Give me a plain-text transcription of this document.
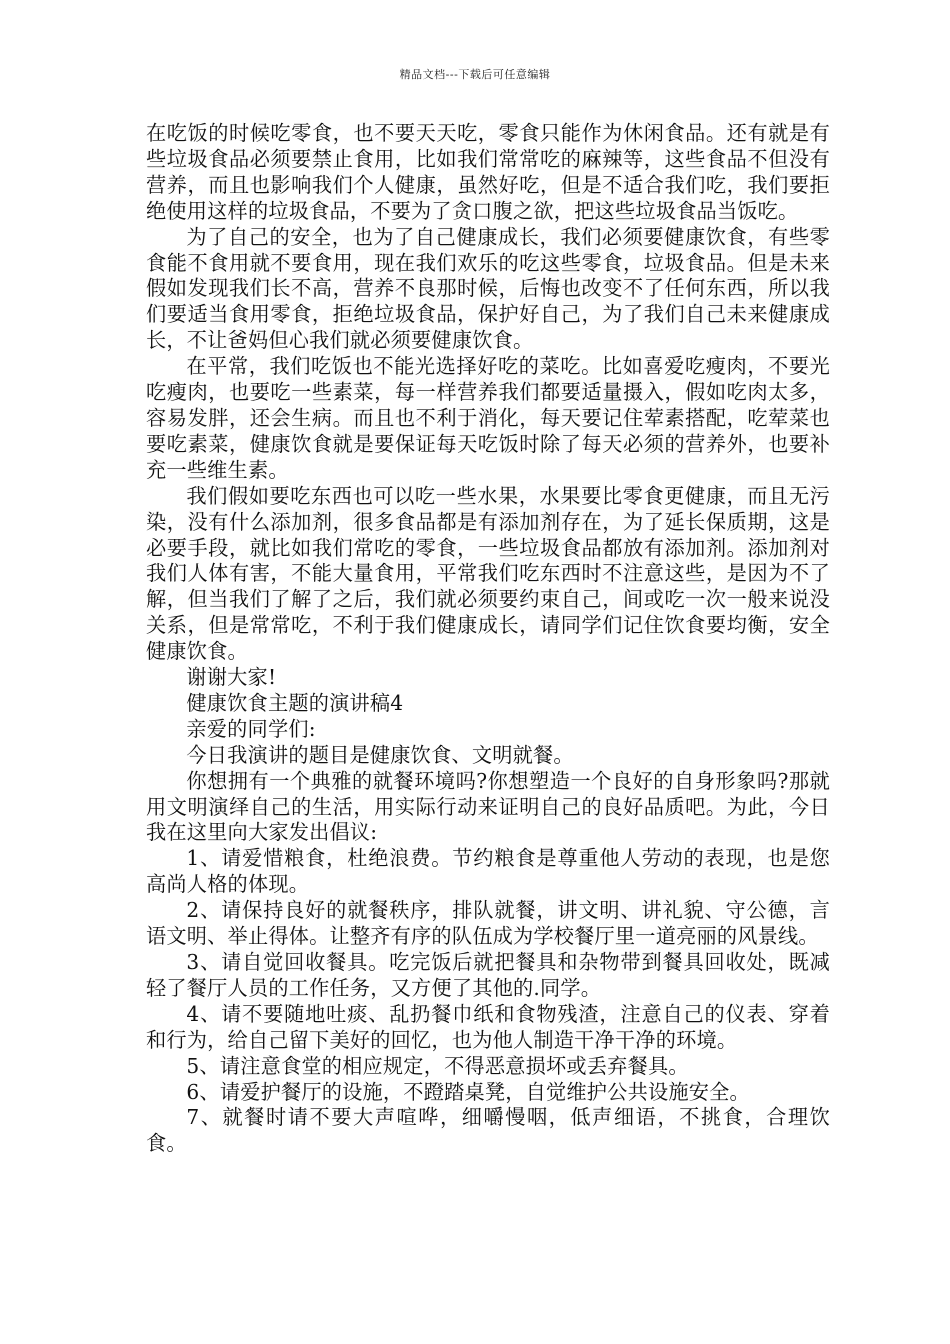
精品文档---下载后可任意编辑

在吃饭的时候吃零食，也不要天天吃，零食只能作为休闲食品。还有就是有些垃圾食品必须要禁止食用，比如我们常常吃的麻辣等，这些食品不但没有营养，而且也影响我们个人健康，虽然好吃，但是不适合我们吃，我们要拒绝使用这样的垃圾食品，不要为了贪口腹之欲，把这些垃圾食品当饭吃。

为了自己的安全，也为了自己健康成长，我们必须要健康饮食，有些零食能不食用就不要食用，现在我们欢乐的吃这些零食，垃圾食品。但是未来假如发现我们长不高，营养不良那时候，后悔也改变不了任何东西，所以我们要适当食用零食，拒绝垃圾食品，保护好自己，为了我们自己未来健康成长，不让爸妈但心我们就必须要健康饮食。

在平常，我们吃饭也不能光选择好吃的菜吃。比如喜爱吃瘦肉，不要光吃瘦肉，也要吃一些素菜，每一样营养我们都要适量摄入，假如吃肉太多，容易发胖，还会生病。而且也不利于消化，每天要记住荤素搭配，吃荤菜也要吃素菜，健康饮食就是要保证每天吃饭时除了每天必须的营养外，也要补充一些维生素。

我们假如要吃东西也可以吃一些水果，水果要比零食更健康，而且无污染，没有什么添加剂，很多食品都是有添加剂存在，为了延长保质期，这是必要手段，就比如我们常吃的零食，一些垃圾食品都放有添加剂。添加剂对我们人体有害，不能大量食用，平常我们吃东西时不注意这些，是因为不了解，但当我们了解了之后，我们就必须要约束自己，间或吃一次一般来说没关系，但是常常吃，不利于我们健康成长，请同学们记住饮食要均衡，安全健康饮食。

谢谢大家!

健康饮食主题的演讲稿4

亲爱的同学们:

今日我演讲的题目是健康饮食、文明就餐。

你想拥有一个典雅的就餐环境吗?你想塑造一个良好的自身形象吗?那就用文明演绎自己的生活，用实际行动来证明自己的良好品质吧。为此，今日我在这里向大家发出倡议:

1、请爱惜粮食，杜绝浪费。节约粮食是尊重他人劳动的表现，也是您高尚人格的体现。

2、请保持良好的就餐秩序，排队就餐，讲文明、讲礼貌、守公德，言语文明、举止得体。让整齐有序的队伍成为学校餐厅里一道亮丽的风景线。

3、请自觉回收餐具。吃完饭后就把餐具和杂物带到餐具回收处，既减轻了餐厅人员的工作任务，又方便了其他的.同学。

4、请不要随地吐痰、乱扔餐巾纸和食物残渣，注意自己的仪表、穿着和行为，给自己留下美好的回忆，也为他人制造干净干净的环境。

5、请注意食堂的相应规定，不得恶意损坏或丢弃餐具。

6、请爱护餐厅的设施，不蹬踏桌凳，自觉维护公共设施安全。

7、就餐时请不要大声喧哗，细嚼慢咽，低声细语，不挑食，合理饮食。
